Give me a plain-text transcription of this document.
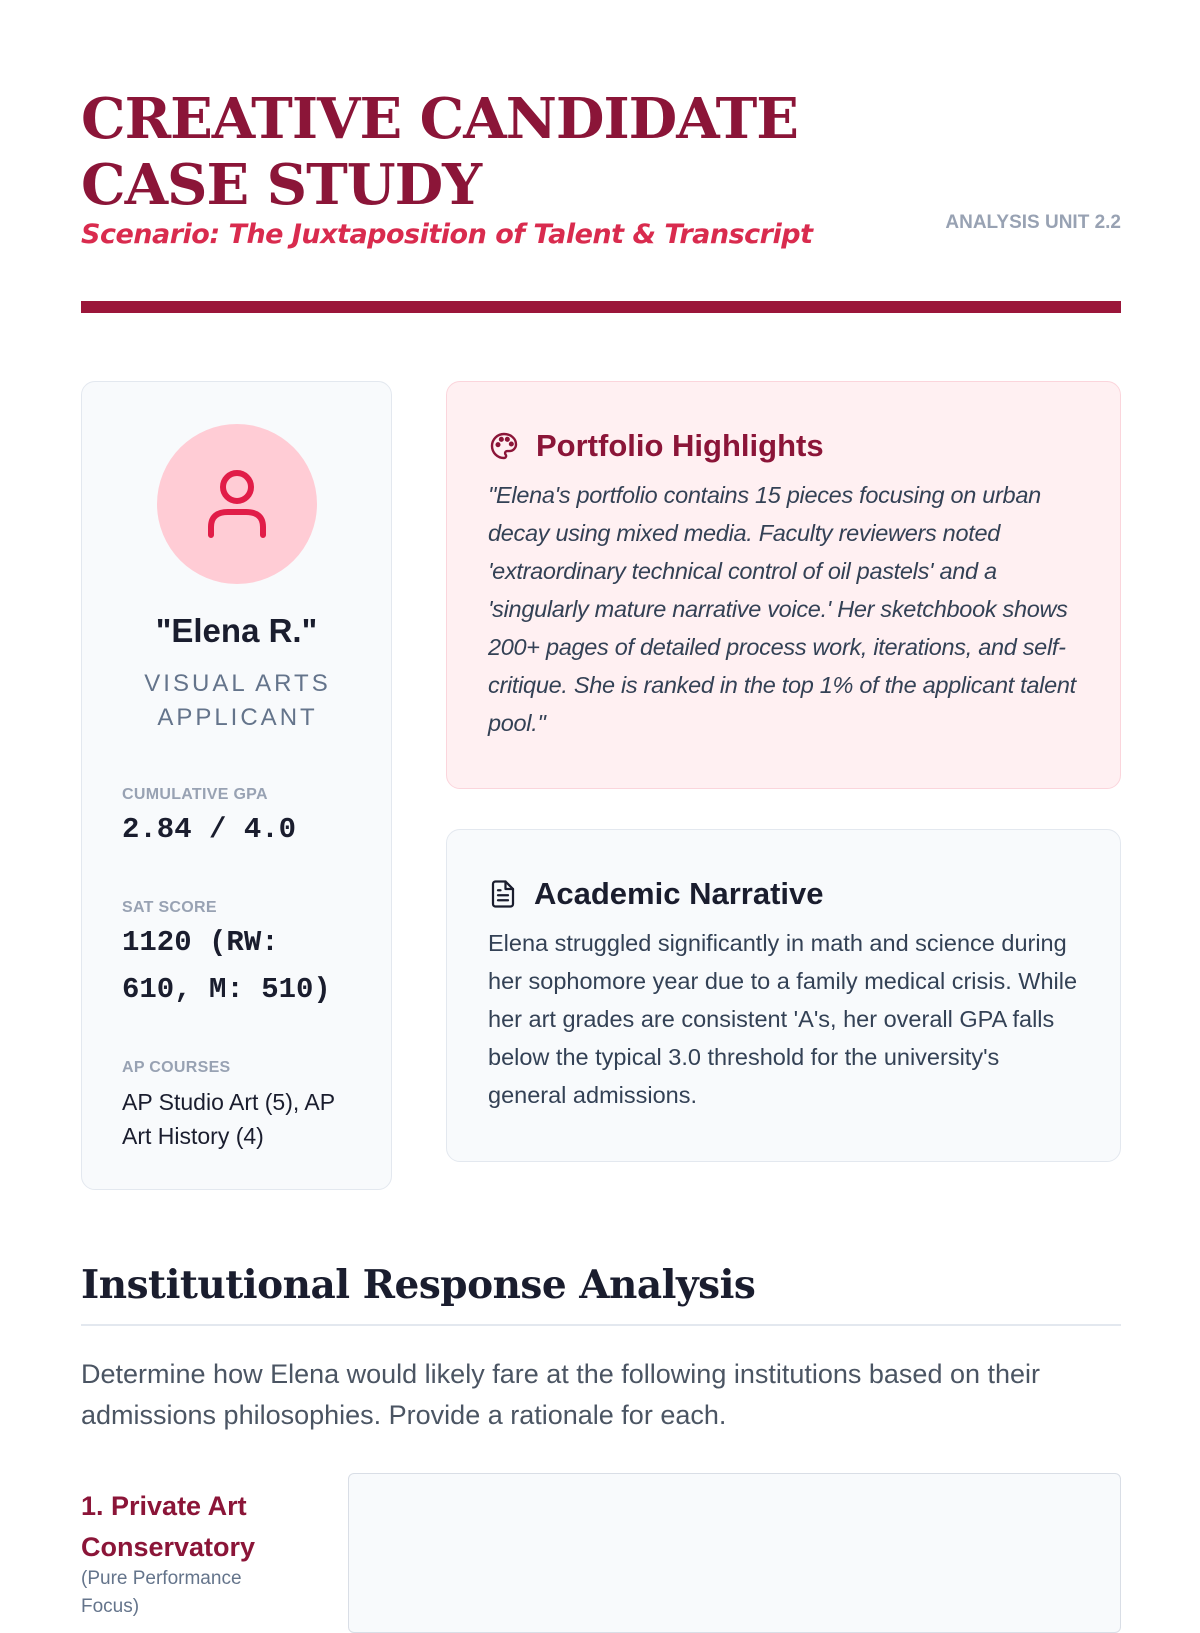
CREATIVE CANDIDATE CASE STUDY
Scenario: The Juxtaposition of Talent & Transcript	ANALYSIS UNIT 2.2
"Elena R."
VISUAL ARTS APPLICANT
CUMULATIVE GPA
2.84 / 4.0
SAT SCORE
1120 (RW: 610, M: 510)
AP COURSES
AP Studio Art (5), AP Art History (4)
Portfolio Highlights

"Elena's portfolio contains 15 pieces focusing on urban decay using mixed media. Faculty reviewers noted 'extraordinary technical control of oil pastels' and a 'singularly mature narrative voice.' Her sketchbook shows 200+ pages of detailed process work, iterations, and self-critique. She is ranked in the top 1% of the applicant talent pool."

Academic Narrative

Elena struggled significantly in math and science during her sophomore year due to a family medical crisis. While her art grades are consistent 'A's, her overall GPA falls below the typical 3.0 threshold for the university's general admissions.

Institutional Response Analysis

Determine how Elena would likely fare at the following institutions based on their admissions philosophies. Provide a rationale for each.

1. Private Art Conservatory
(Pure Performance Focus)
